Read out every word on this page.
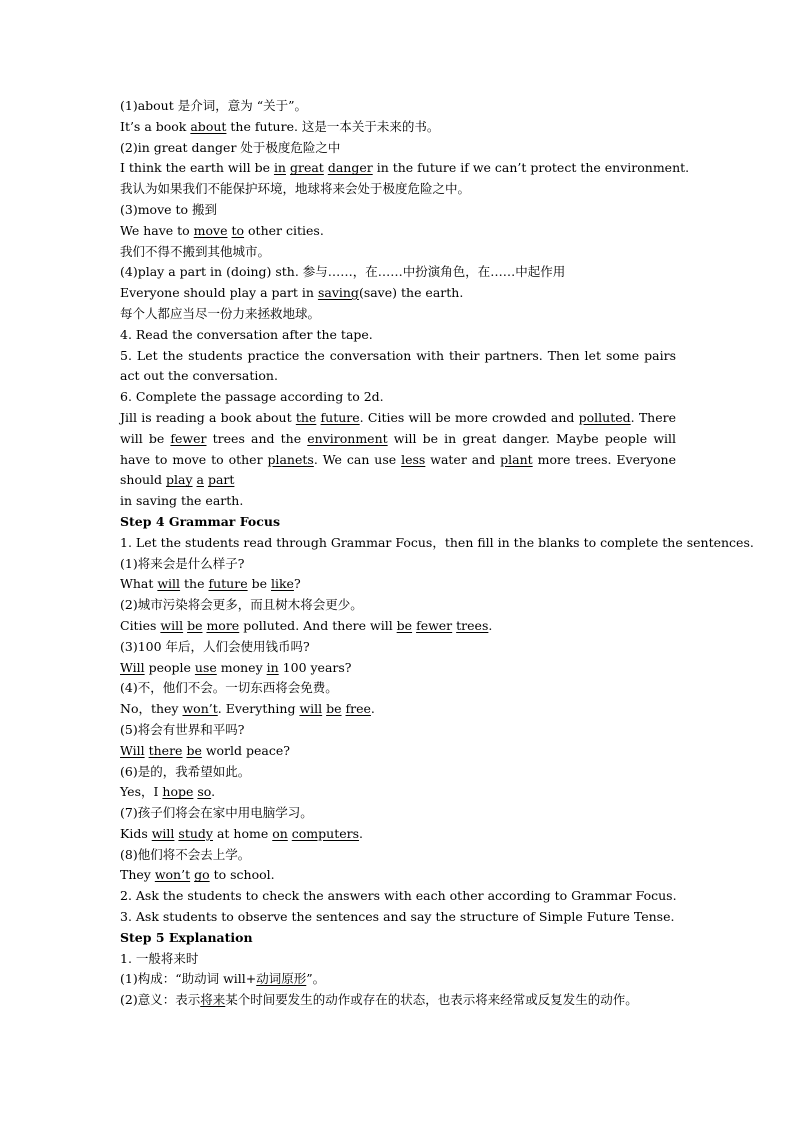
(1)about 是介词，意为 “关于”。
It’s a book about the future. 这是一本关于未来的书。
(2)in great danger 处于极度危险之中
I think the earth will be in great danger in the future if we can’t protect the environment.
我认为如果我们不能保护环境，地球将来会处于极度危险之中。
(3)move to 搬到
We have to move to other cities.
我们不得不搬到其他城市。
(4)play a part in (doing) sth. 参与……，在……中扮演角色，在……中起作用
Everyone should play a part in saving(save) the earth.
每个人都应当尽一份力来拯救地球。
4. Read the conversation after the tape.
5. Let the students practice the conversation with their partners. Then let some pairs act out the conversation.
6. Complete the passage according to 2d.
Jill is reading a book about the future. Cities will be more crowded and polluted. There will be fewer trees and the environment will be in great danger. Maybe people will have to move to other planets. We can use less water and plant more trees. Everyone should play a part
in saving the earth.
Step 4 Grammar Focus
1. Let the students read through Grammar Focus，then fill in the blanks to complete the sentences.
(1)将来会是什么样子?
What will the future be like?
(2)城市污染将会更多，而且树木将会更少。
Cities will be more polluted. And there will be fewer trees.
(3)100 年后，人们会使用钱币吗?
Will people use money in 100 years?
(4)不，他们不会。一切东西将会免费。
No，they won’t. Everything will be free.
(5)将会有世界和平吗?
Will there be world peace?
(6)是的，我希望如此。
Yes，I hope so.
(7)孩子们将会在家中用电脑学习。
Kids will study at home on computers.
(8)他们将不会去上学。
They won’t go to school.
2. Ask the students to check the answers with each other according to Grammar Focus.
3. Ask students to observe the sentences and say the structure of Simple Future Tense.
Step 5 Explanation
1. 一般将来时
(1)构成：“助动词 will+动词原形”。
(2)意义：表示将来某个时间要发生的动作或存在的状态，也表示将来经常或反复发生的动作。
